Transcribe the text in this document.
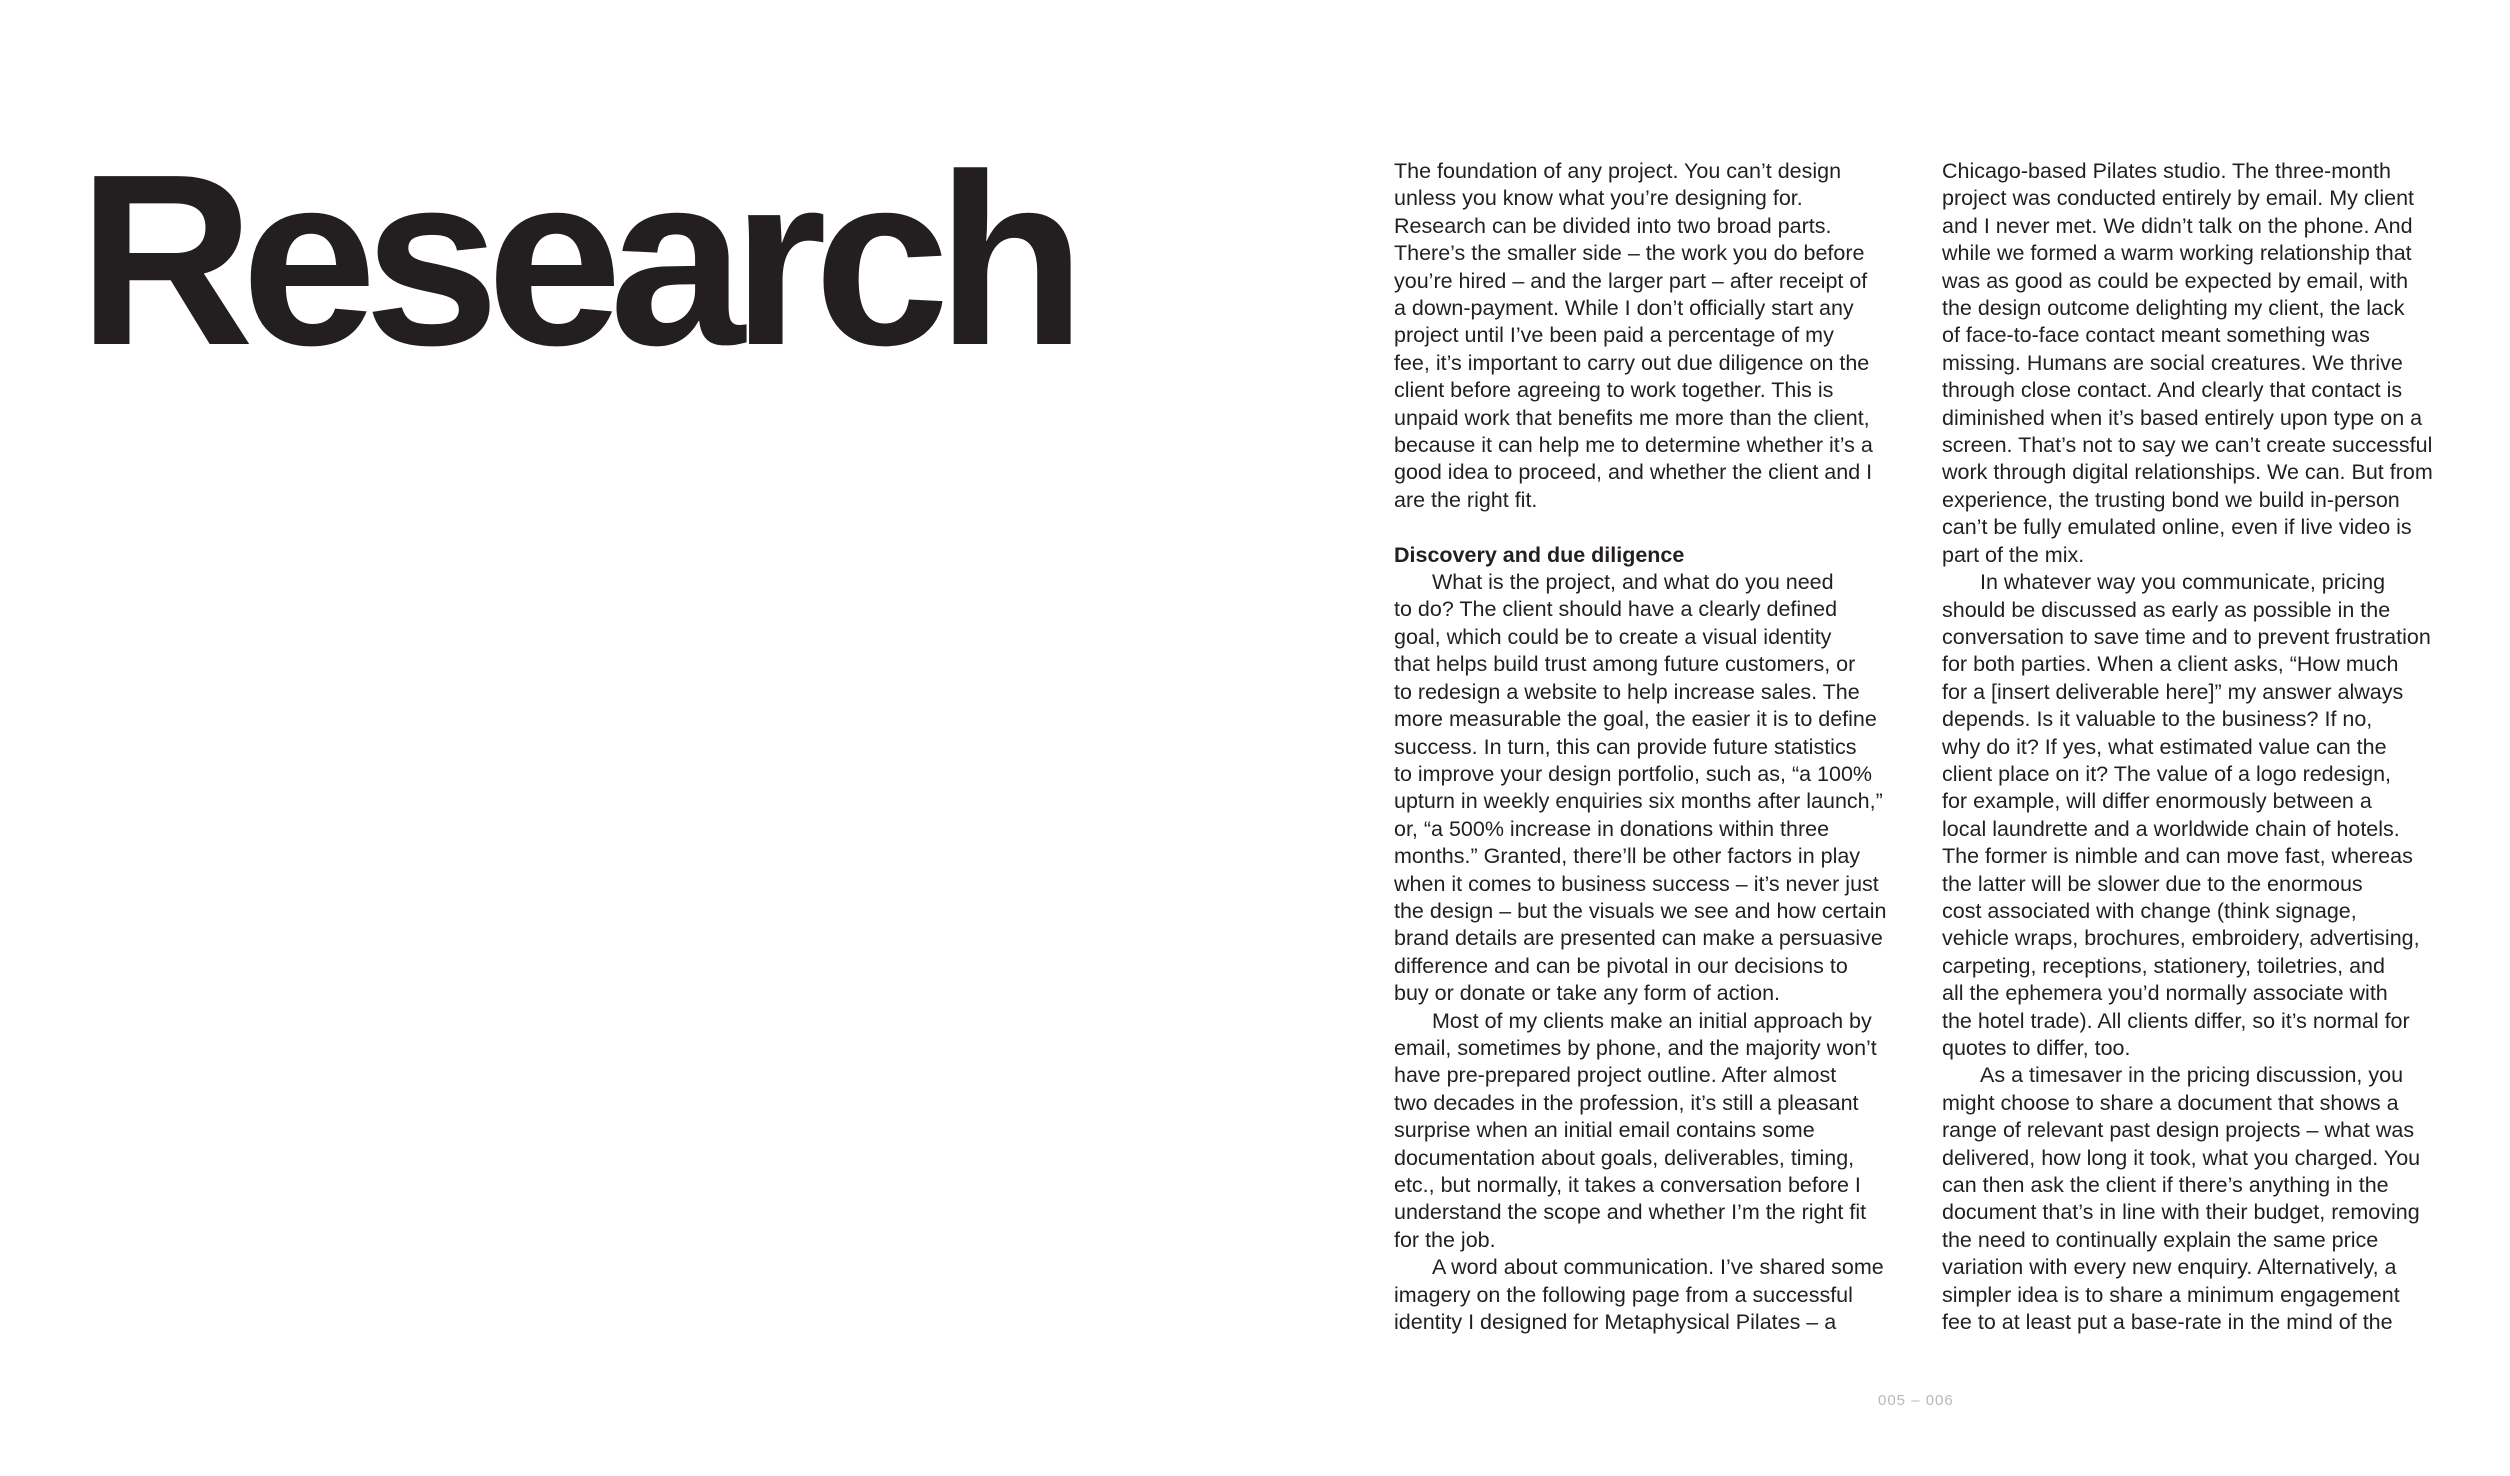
Research	The foundation of any project. You can’t design

unless you know what you’re designing for.

Research can be divided into two broad parts.

There’s the smaller side – the work you do before

you’re hired – and the larger part – after receipt of

a down-payment. While I don’t officially start any

project until I’ve been paid a percentage of my

fee, it’s important to carry out due diligence on the

client before agreeing to work together. This is

unpaid work that benefits me more than the client,

because it can help me to determine whether it’s a

good idea to proceed, and whether the client and I

are the right fit.

Discovery and due diligence

What is the project, and what do you need

to do? The client should have a clearly defined

goal, which could be to create a visual identity

that helps build trust among future customers, or

to redesign a website to help increase sales. The

more measurable the goal, the easier it is to define

success. In turn, this can provide future statistics

to improve your design portfolio, such as, “a 100%

upturn in weekly enquiries six months after launch,”

or, “a 500% increase in donations within three

months.” Granted, there’ll be other factors in play

when it comes to business success – it’s never just

the design – but the visuals we see and how certain

brand details are presented can make a persuasive

difference and can be pivotal in our decisions to

buy or donate or take any form of action.

Most of my clients make an initial approach by

email, sometimes by phone, and the majority won’t

have pre-prepared project outline. After almost

two decades in the profession, it’s still a pleasant

surprise when an initial email contains some

documentation about goals, deliverables, timing,

etc., but normally, it takes a conversation before I

understand the scope and whether I’m the right fit

for the job.

A word about communication. I’ve shared some

imagery on the following page from a successful

identity I designed for Metaphysical Pilates – a

Chicago-based Pilates studio. The three-month

project was conducted entirely by email. My client

and I never met. We didn’t talk on the phone. And

while we formed a warm working relationship that

was as good as could be expected by email, with

the design outcome delighting my client, the lack

of face-to-face contact meant something was

missing. Humans are social creatures. We thrive

through close contact. And clearly that contact is

diminished when it’s based entirely upon type on a

screen. That’s not to say we can’t create successful

work through digital relationships. We can. But from

experience, the trusting bond we build in-person

can’t be fully emulated online, even if live video is

part of the mix.

In whatever way you communicate, pricing

should be discussed as early as possible in the

conversation to save time and to prevent frustration

for both parties. When a client asks, “How much

for a [insert deliverable here]” my answer always

depends. Is it valuable to the business? If no,

why do it? If yes, what estimated value can the

client place on it? The value of a logo redesign,

for example, will differ enormously between a

local laundrette and a worldwide chain of hotels.

The former is nimble and can move fast, whereas

the latter will be slower due to the enormous

cost associated with change (think signage,

vehicle wraps, brochures, embroidery, advertising,

carpeting, receptions, stationery, toiletries, and

all the ephemera you’d normally associate with

the hotel trade). All clients differ, so it’s normal for

quotes to differ, too.

As a timesaver in the pricing discussion, you

might choose to share a document that shows a

range of relevant past design projects – what was

delivered, how long it took, what you charged. You

can then ask the client if there’s anything in the

document that’s in line with their budget, removing

the need to continually explain the same price

variation with every new enquiry. Alternatively, a

simpler idea is to share a minimum engagement

fee to at least put a base-rate in the mind of the

005 – 006
